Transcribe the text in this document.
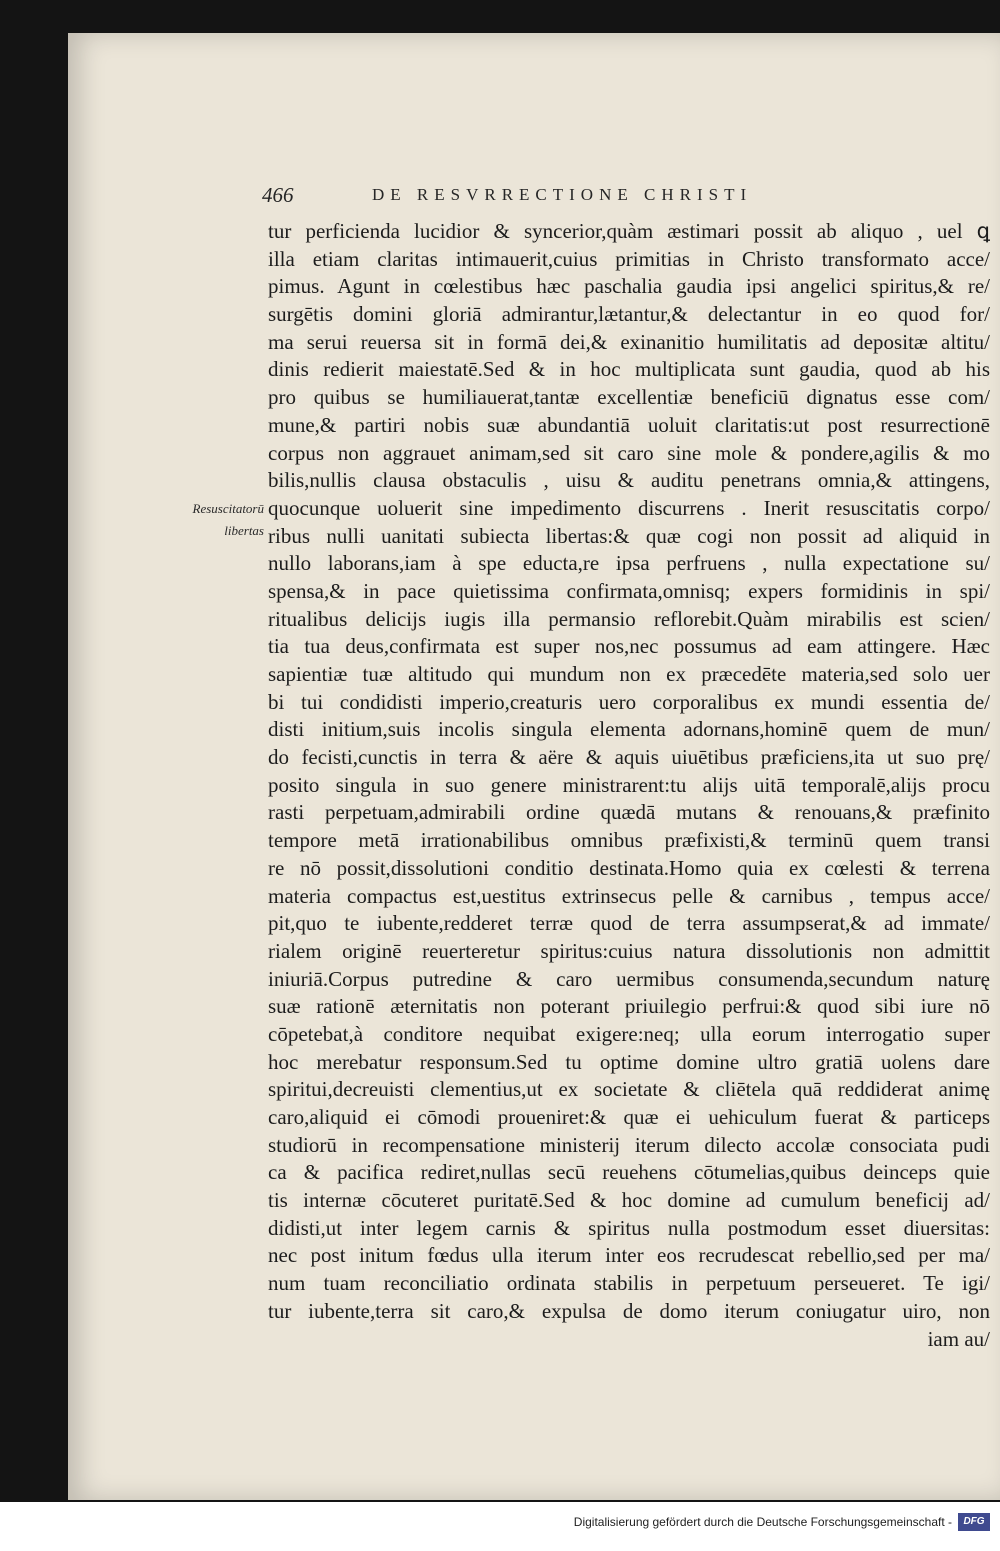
466	DE RESVRRECTIONE CHRISTI
Resuscitatorū
libertas
tur perficienda lucidior & syncerior,quàm æstimari possit ab aliquo , uel ꝗ
illa etiam claritas intimauerit,cuius primitias in Christo transformato acce/
pimus. Agunt in cœlestibus hæc paschalia gaudia ipsi angelici spiritus,& re/
surgētis domini gloriā admirantur,lætantur,& delectantur in eo quod for/
ma serui reuersa sit in formā dei,& exinanitio humilitatis ad depositæ altitu/
dinis redierit maiestatē.Sed & in hoc multiplicata sunt gaudia, quod ab his
pro quibus se humiliauerat,tantæ excellentiæ beneficiū dignatus esse com/
mune,& partiri nobis suæ abundantiā uoluit claritatis:ut post resurrectionē
corpus non aggrauet animam,sed sit caro sine mole & pondere,agilis & mo
bilis,nullis clausa obstaculis , uisu & auditu penetrans omnia,& attingens,
quocunque uoluerit sine impedimento discurrens . Inerit resuscitatis corpo/
ribus nulli uanitati subiecta libertas:& quæ cogi non possit ad aliquid in
nullo laborans,iam à spe educta,re ipsa perfruens , nulla expectatione su/
spensa,& in pace quietissima confirmata,omnisq; expers formidinis in spi/
ritualibus delicijs iugis illa permansio reflorebit.Quàm mirabilis est scien/
tia tua deus,confirmata est super nos,nec possumus ad eam attingere. Hæc
sapientiæ tuæ altitudo qui mundum non ex præcedēte materia,sed solo uer
bi tui condidisti imperio,creaturis uero corporalibus ex mundi essentia de/
disti initium,suis incolis singula elementa adornans,hominē quem de mun/
do fecisti,cunctis in terra & aëre & aquis uiuētibus præficiens,ita ut suo prę/
posito singula in suo genere ministrarent:tu alijs uitā temporalē,alijs procu
rasti perpetuam,admirabili ordine quædā mutans & renouans,& præfinito
tempore metā irrationabilibus omnibus præfixisti,& terminū quem transi
re nō possit,dissolutioni conditio destinata.Homo quia ex cœlesti & terrena
materia compactus est,uestitus extrinsecus pelle & carnibus , tempus acce/
pit,quo te iubente,redderet terræ quod de terra assumpserat,& ad immate/
rialem originē reuerteretur spiritus:cuius natura dissolutionis non admittit
iniuriā.Corpus putredine & caro uermibus consumenda,secundum naturę
suæ rationē æternitatis non poterant priuilegio perfrui:& quod sibi iure nō
cōpetebat,à conditore nequibat exigere:neq; ulla eorum interrogatio super
hoc merebatur responsum.Sed tu optime domine ultro gratiā uolens dare
spiritui,decreuisti clementius,ut ex societate & cliētela quā reddiderat animę
caro,aliquid ei cōmodi proueniret:& quæ ei uehiculum fuerat & particeps
studiorū in recompensatione ministerij iterum dilecto accolæ consociata pudi
ca & pacifica rediret,nullas secū reuehens cōtumelias,quibus deinceps quie
tis internæ cōcuteret puritatē.Sed & hoc domine ad cumulum beneficij ad/
didisti,ut inter legem carnis & spiritus nulla postmodum esset diuersitas:
nec post initum fœdus ulla iterum inter eos recrudescat rebellio,sed per ma/
num tuam reconciliatio ordinata stabilis in perpetuum perseueret. Te igi/
tur iubente,terra sit caro,& expulsa de domo iterum coniugatur uiro, non
iam au/
Digitalisierung gefördert durch die Deutsche Forschungsgemeinschaft -	DFG
